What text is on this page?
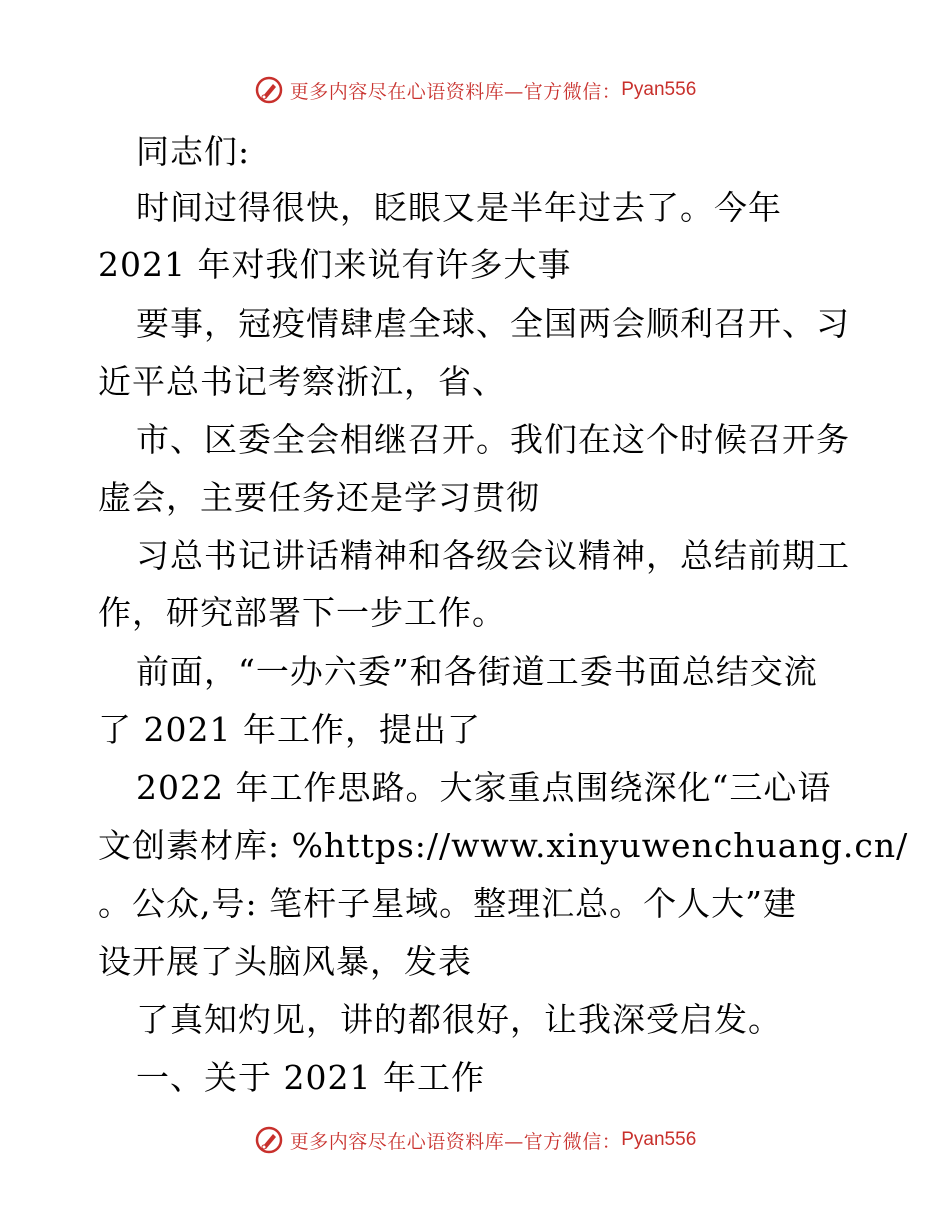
更多内容尽在心语资料库—官方微信： Pyan556
同志们:
时间过得很快，眨眼又是半年过去了。今年
2021 年对我们来说有许多大事
要事，冠疫情肆虐全球、全国两会顺利召开、习
近平总书记考察浙江，省、
市、区委全会相继召开。我们在这个时候召开务
虚会，主要任务还是学习贯彻
习总书记讲话精神和各级会议精神，总结前期工
作，研究部署下一步工作。
前面，“一办六委”和各街道工委书面总结交流
了 2021 年工作，提出了
2022 年工作思路。大家重点围绕深化“三心语
文创素材库: %https://www.xinyuwenchuang.cn/
。公众,号: 笔杆子星域。整理汇总。个人大”建
设开展了头脑风暴，发表
了真知灼见，讲的都很好，让我深受启发。
一、关于 2021 年工作
更多内容尽在心语资料库—官方微信： Pyan556
